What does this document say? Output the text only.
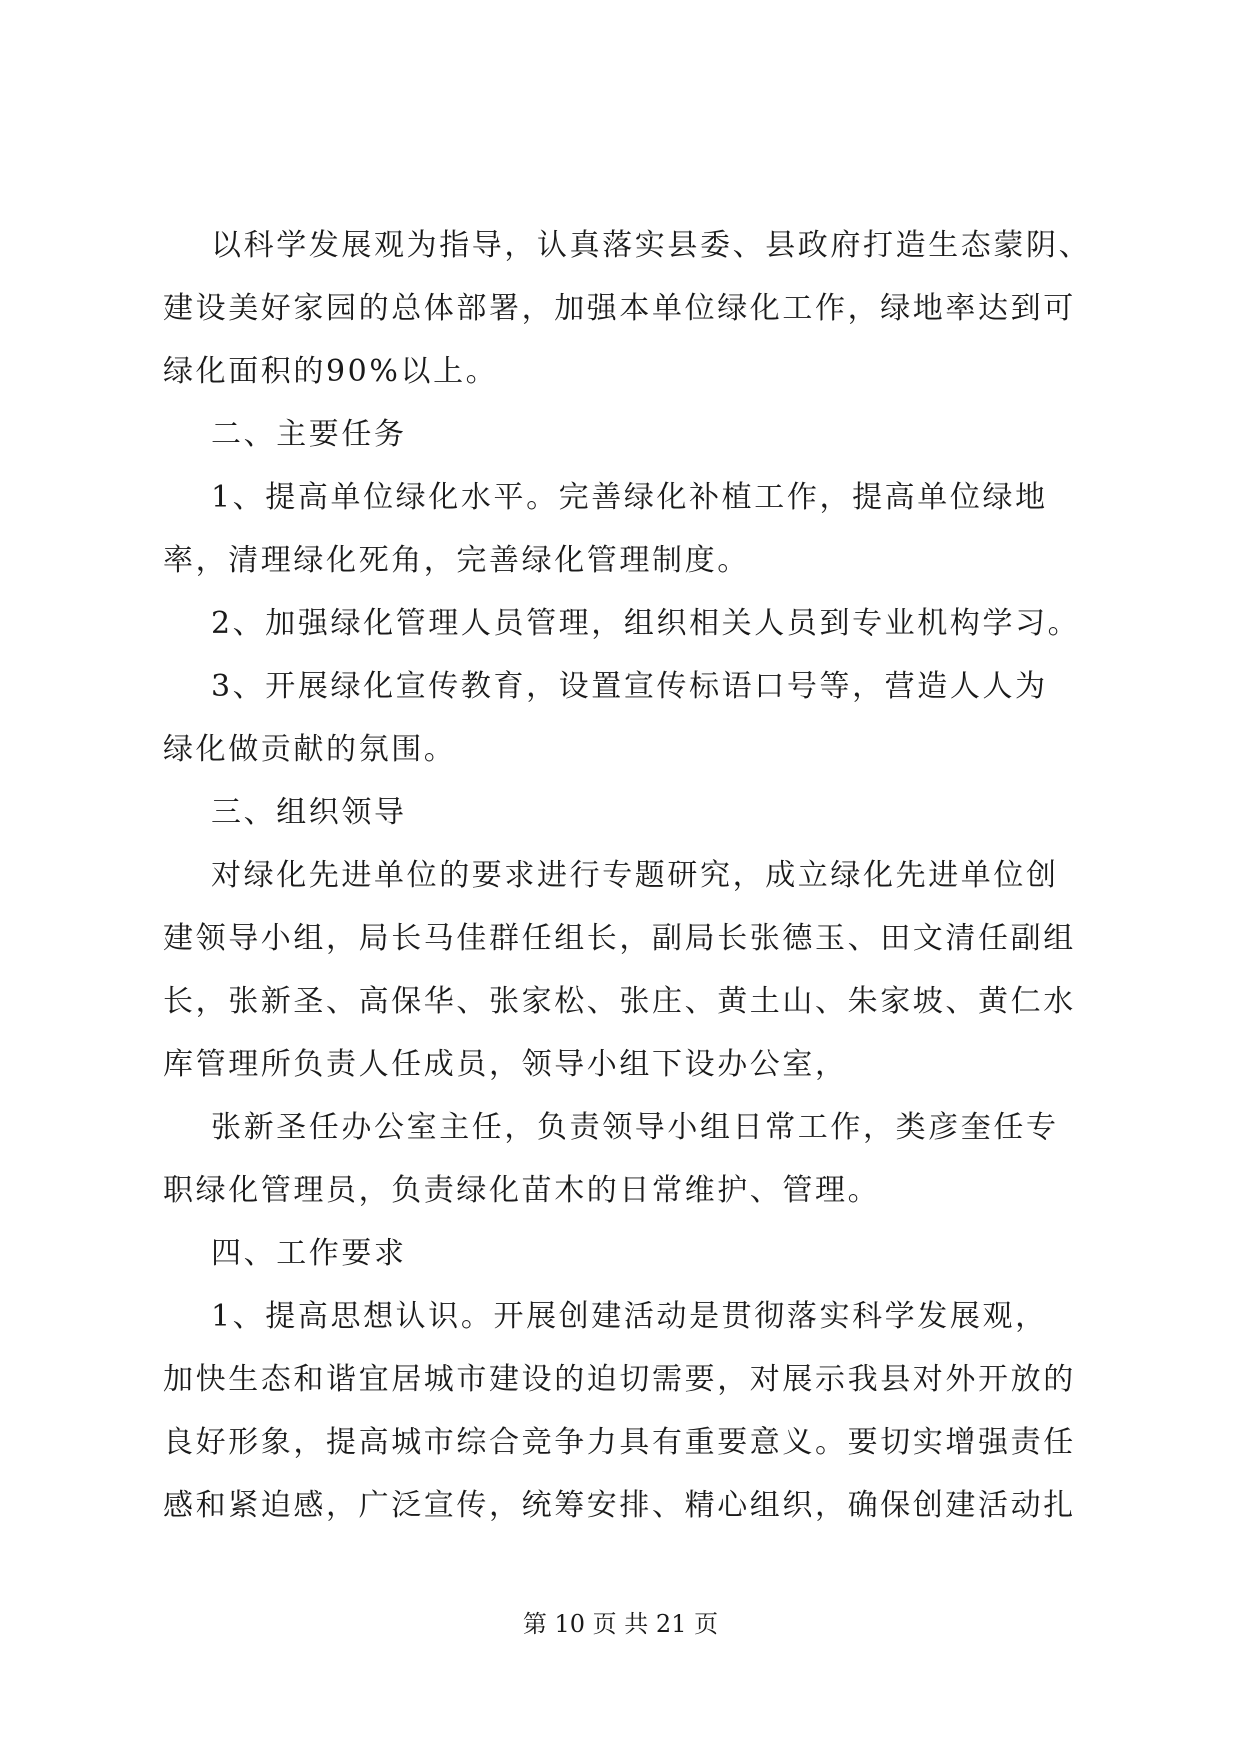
以科学发展观为指导，认真落实县委、县政府打造生态蒙阴、
建设美好家园的总体部署，加强本单位绿化工作，绿地率达到可
绿化面积的90%以上。
二、主要任务
1、提高单位绿化水平。完善绿化补植工作，提高单位绿地
率，清理绿化死角，完善绿化管理制度。
2、加强绿化管理人员管理，组织相关人员到专业机构学习。
3、开展绿化宣传教育，设置宣传标语口号等，营造人人为
绿化做贡献的氛围。
三、组织领导
对绿化先进单位的要求进行专题研究，成立绿化先进单位创
建领导小组，局长马佳群任组长，副局长张德玉、田文清任副组
长，张新圣、高保华、张家松、张庄、黄土山、朱家坡、黄仁水
库管理所负责人任成员，领导小组下设办公室，
张新圣任办公室主任，负责领导小组日常工作，类彦奎任专
职绿化管理员，负责绿化苗木的日常维护、管理。
四、工作要求
1、提高思想认识。开展创建活动是贯彻落实科学发展观，
加快生态和谐宜居城市建设的迫切需要，对展示我县对外开放的
良好形象，提高城市综合竞争力具有重要意义。要切实增强责任
感和紧迫感，广泛宣传，统筹安排、精心组织，确保创建活动扎
第 10 页 共 21 页
